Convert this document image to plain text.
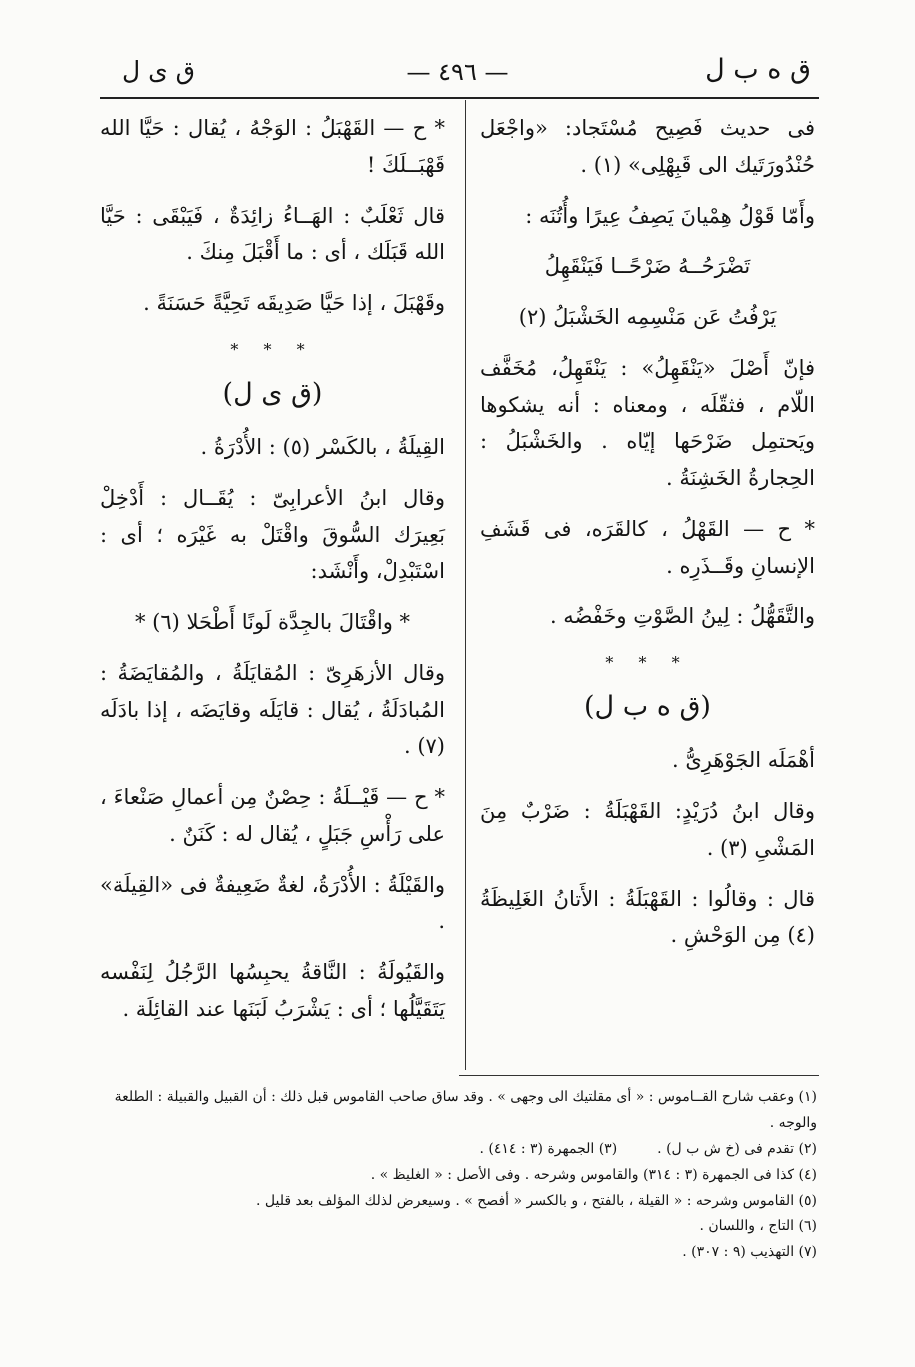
ق ه ب ل
— ٤٩٦ —
ق ى ل

فى حديث فَصِيح مُسْتَجاد: «واجْعَل حُنْدُورَتَيك الى قَبِهْلِى» (١) .

وأَمّا قَوْلُ هِمْيانَ يَصِفُ عِيرًا وأُتُنَه :

تَضْرَحُــهُ ضَرْحًــا فَيَنْقَهِلُ

يَرْفُتُ عَن مَنْسِمِه الخَشْبَلُ (٢)

فإنّ أَصْلَ «يَنْقَهِلُ» : يَنْقَهِلُ، مُخَفَّف اللّام ، فثقّلَه ، ومعناه : أنه يشكوها ويَحتمِل ضَرْحَها إيّاه . والخَشْبَلُ : الحِجارةُ الخَشِنَةُ .

* ح — القَهْلُ ، كالقَرَه، فى قَشَفِ الإنسانِ وقَــذَرِه .

والتَّقَهُّلُ : لِينُ الصَّوْتِ وخَفْضُه .

* * *
(ق ه ب ل)

أهْمَلَه الجَوْهَرِىُّ .

وقال ابنُ دُرَيْدٍ: القَهْبَلَةُ : ضَرْبٌ مِنَ المَشْىِ (٣) .

قال : وقالُوا : القَهْبَلَةُ : الأَتانُ الغَلِيظَةُ (٤) مِن الوَحْشِ .

* ح — القَهْبَلُ : الوَجْهُ ، يُقال : حَيَّا الله قَهْبَــلَكَ !

قال ثَعْلَبٌ : الهَــاءُ زائِدَةٌ ، فَيَبْقَى : حَيَّا الله قَبَلَك ، أى : ما أَقْبَلَ مِنكَ .

وقَهْبَلَ ، إذا حَيَّا صَدِيقَه تَحِيَّةً حَسَنَةً .

* * *
(ق ى ل)

القِيلَةُ ، بالكَسْر (٥) : الأُدْرَةُ .

وقال ابنُ الأعرابِىّ : يُقَــال : أَدْخِلْ بَعِيرَك السُّوقَ واقْتَلْ به غَيْرَه ؛ أى : اسْتَبْدِلْ، وأَنْشَد:

* واقْتَالَ بالجِدَّة لَونًا أَطْحَلا (٦) *

وقال الأزهَرِىّ : المُقايَلَةُ ، والمُقايَضَةُ : المُبادَلَةُ ، يُقال : قايَلَه وقايَضَه ، إذا بادَلَه (٧) .

* ح — قَيْــلَةُ : حِصْنٌ مِن أعمالِ صَنْعاءَ ، على رَأْسِ جَبَلٍ ، يُقال له : كَنَنٌ .

والقَيْلَةُ : الأُدْرَةُ، لغةٌ ضَعِيفةٌ فى «القِيلَة» .

والقَيُولَةُ : النَّاقةُ يحبِسُها الرَّجُلُ لِنَفْسه يَتَقَيَّلُها ؛ أى : يَشْرَبُ لَبَنَها عند القائِلَة .

(١) وعقب شارح القــاموس : « أى مقلتيك الى وجهى » . وقد ساق صاحب القاموس قبل ذلك : أن القبيل والقبيلة : الطلعة والوجه .

(٢) تقدم فى (خ ش ب ل) .

(٣) الجمهرة (٣ : ٤١٤) .

(٤) كذا فى الجمهرة (٣ : ٣١٤) والقاموس وشرحه . وفى الأصل : « الغليظ » .

(٥) القاموس وشرحه : « القيلة ، بالفتح ، و بالكسر « أفصح » . وسيعرض لذلك المؤلف بعد قليل .

(٦) التاج ، واللسان .

(٧) التهذيب (٩ : ٣٠٧) .
